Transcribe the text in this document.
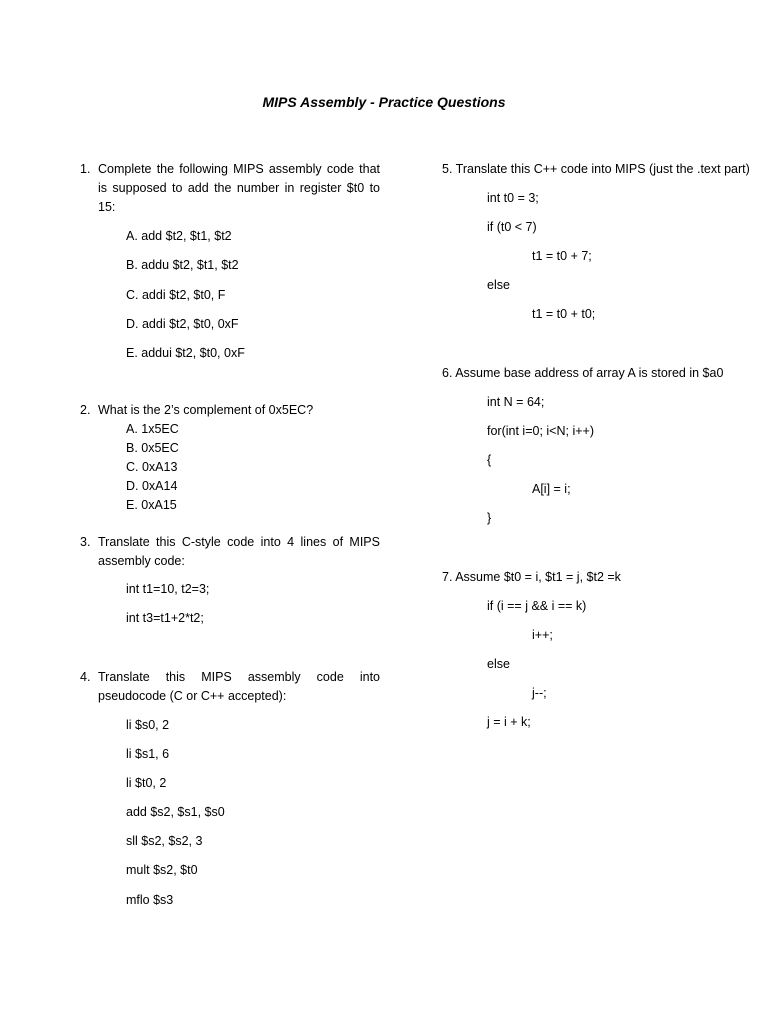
MIPS Assembly - Practice Questions
1. Complete the following MIPS assembly code that
is supposed to add the number in register $t0 to
15:
A. add $t2, $t1, $t2
B. addu $t2, $t1, $t2
C. addi $t2, $t0, F
D. addi $t2, $t0, 0xF
E. addui $t2, $t0, 0xF
2. What is the 2’s complement of 0x5EC?
A. 1x5EC
B. 0x5EC
C. 0xA13
D. 0xA14
E. 0xA15
3. Translate this C-style code into 4 lines of MIPS
assembly code:
int t1=10, t2=3;
int t3=t1+2*t2;
4. Translate this MIPS assembly code into
pseudocode (C or C++ accepted):
li $s0, 2
li $s1, 6
li $t0, 2
add $s2, $s1, $s0
sll $s2, $s2, 3
mult $s2, $t0
mflo $s3
5. Translate this C++ code into MIPS (just the .text part)
int t0 = 3;
if (t0 < 7)
t1 = t0 + 7;
else
t1 = t0 + t0;
6. Assume base address of array A is stored in $a0
int N = 64;
for(int i=0; i<N; i++)
{
A[i] = i;
}
7. Assume $t0 = i, $t1 = j, $t2 =k
if (i == j && i == k)
i++;
else
j--;
j = i + k;
